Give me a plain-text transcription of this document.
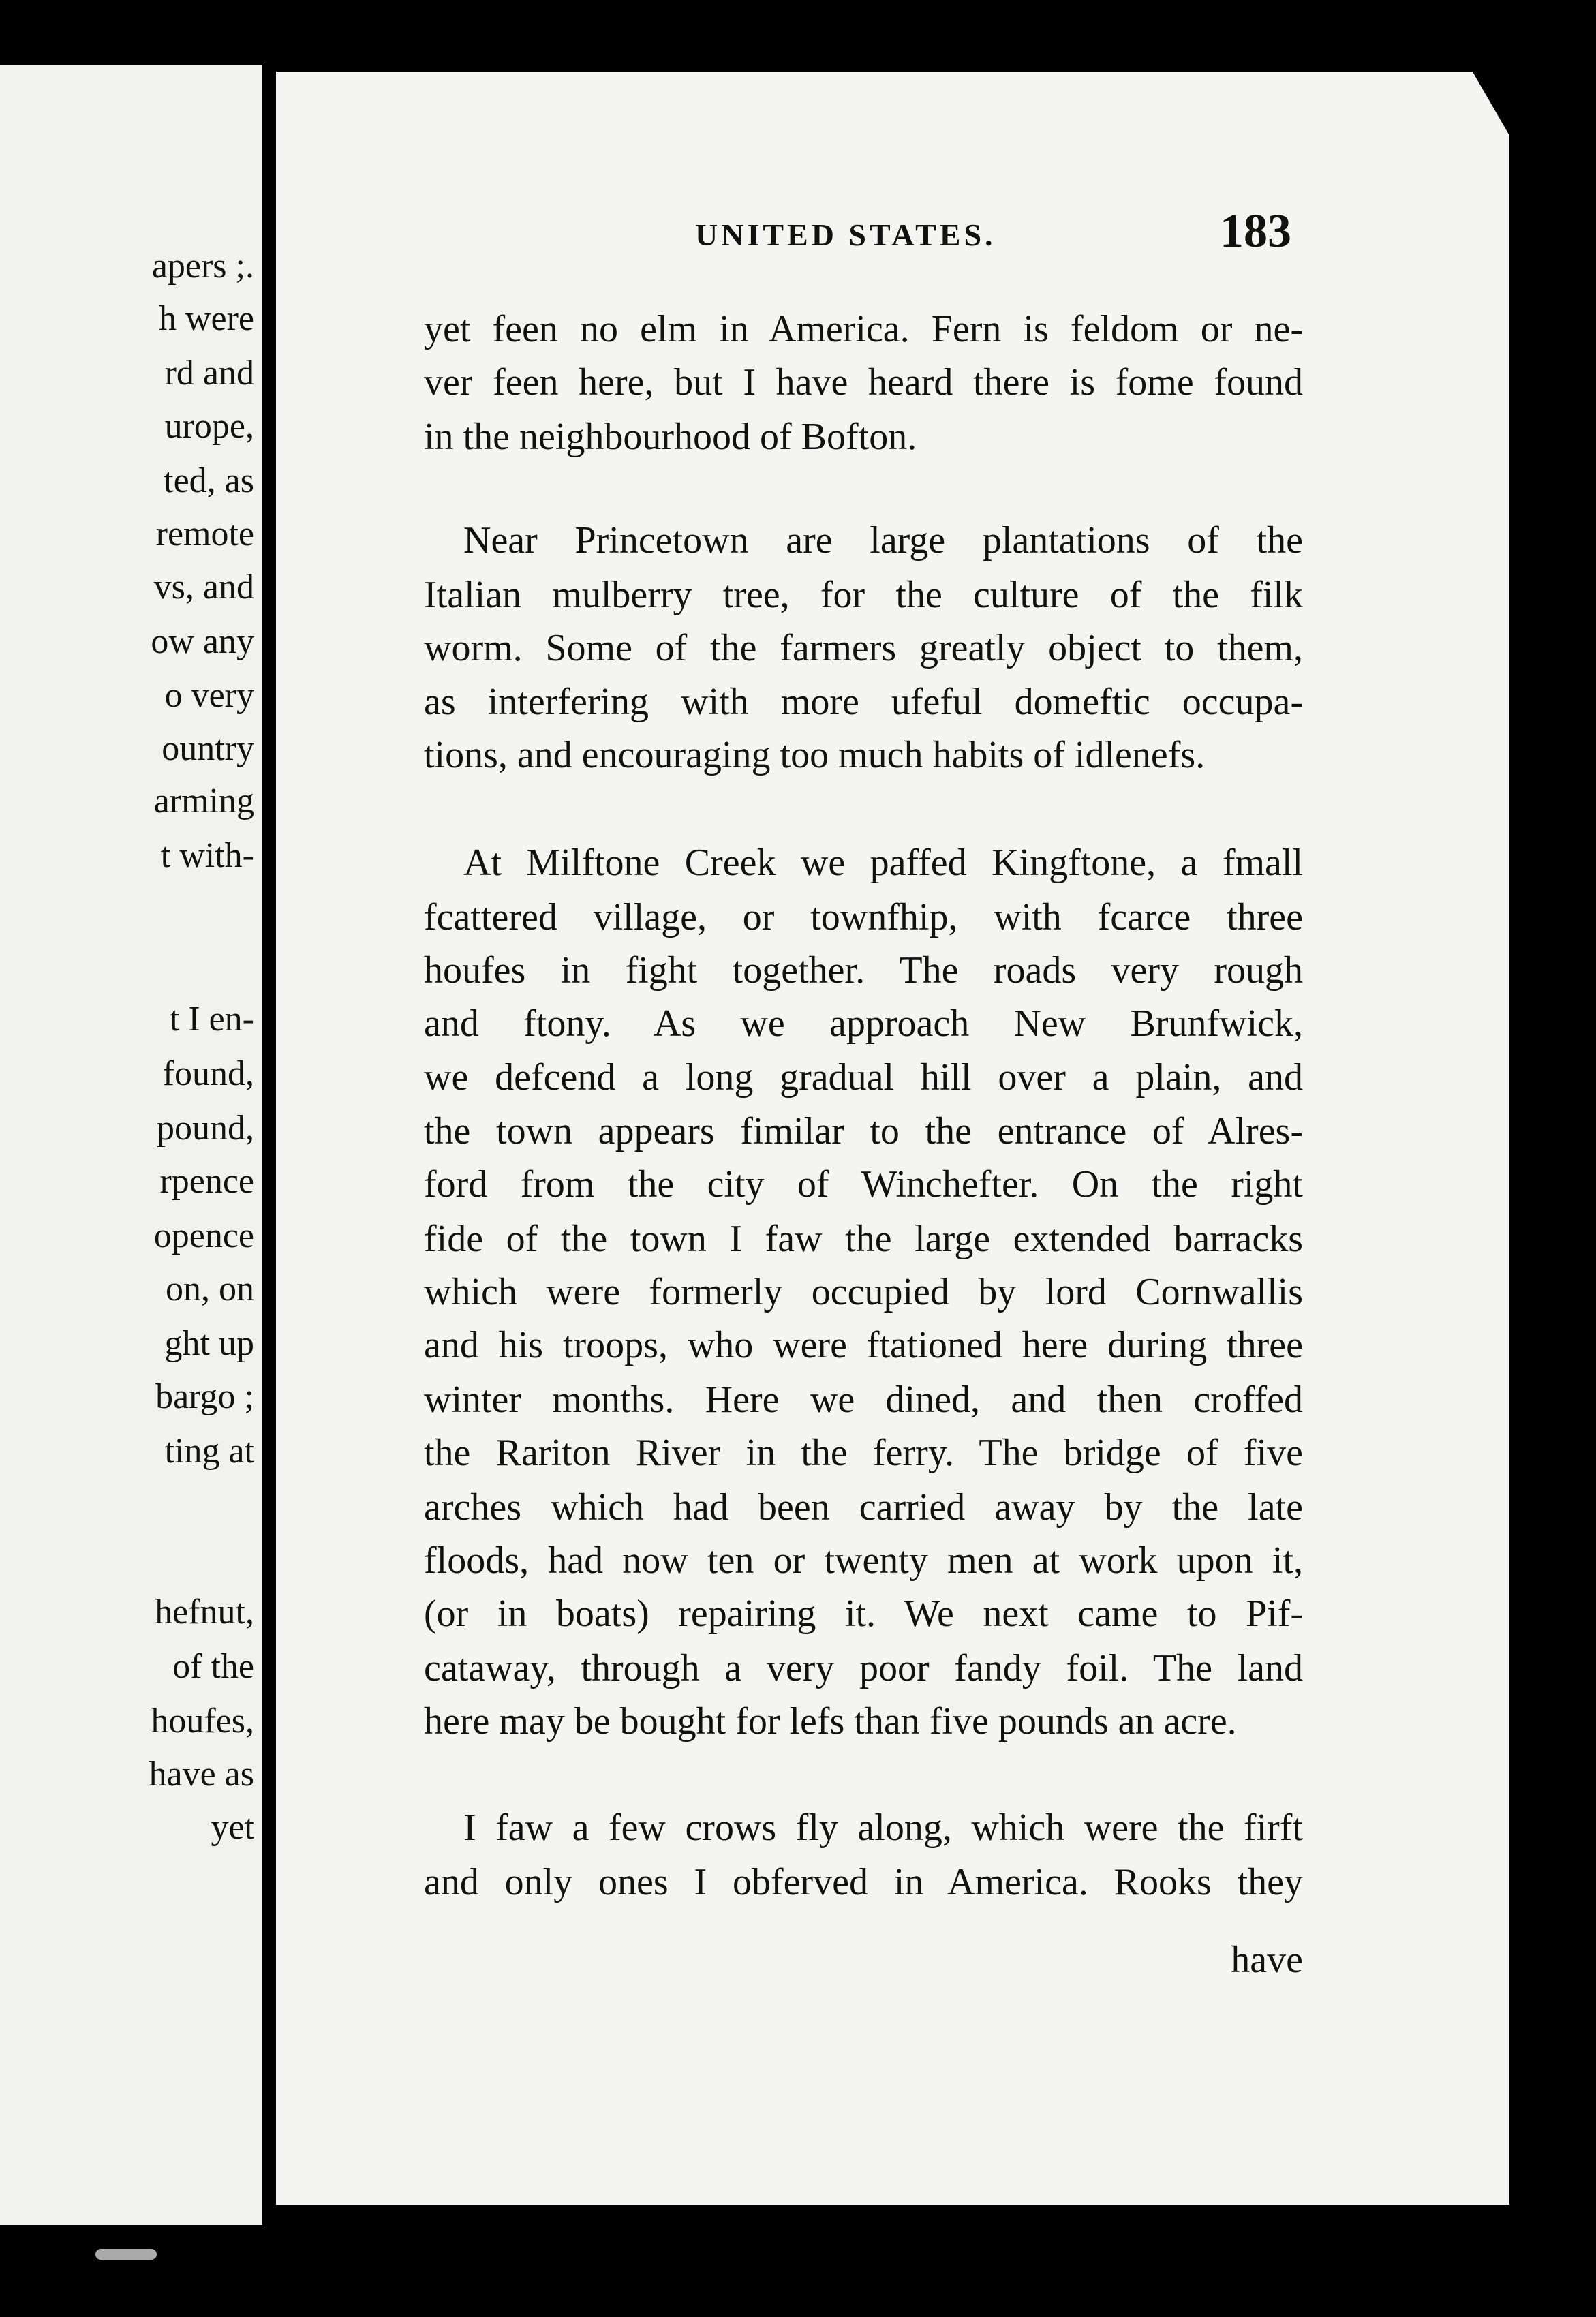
apers ;.

h were

rd and

urope,

ted, as

remote

vs, and

ow any

o very

ountry

arming

t with-

t I en-

found,

pound,

rpence

opence

on, on

ght up

bargo ;

ting at

hefnut,

of the

houfes,

have as

yet

UNITED STATES.	183

yet feen no elm in America. Fern is feldom or ne-

ver feen here, but I have heard there is fome found

in the neighbourhood of Bofton.

Near Princetown are large plantations of the

Italian mulberry tree, for the culture of the filk

worm. Some of the farmers greatly object to them,

as interfering with more ufeful domeftic occupa-

tions, and encouraging too much habits of idlenefs.

At Milftone Creek we paffed Kingftone, a fmall

fcattered village, or townfhip, with fcarce three

houfes in fight together. The roads very rough

and ftony. As we approach New Brunfwick,

we defcend a long gradual hill over a plain, and

the town appears fimilar to the entrance of Alres-

ford from the city of Winchefter. On the right

fide of the town I faw the large extended barracks

which were formerly occupied by lord Cornwallis

and his troops, who were ftationed here during three

winter months. Here we dined, and then croffed

the Rariton River in the ferry. The bridge of five

arches which had been carried away by the late

floods, had now ten or twenty men at work upon it,

(or in boats) repairing it. We next came to Pif-

cataway, through a very poor fandy foil. The land

here may be bought for lefs than five pounds an acre.

I faw a few crows fly along, which were the firft

and only ones I obferved in America. Rooks they

have
